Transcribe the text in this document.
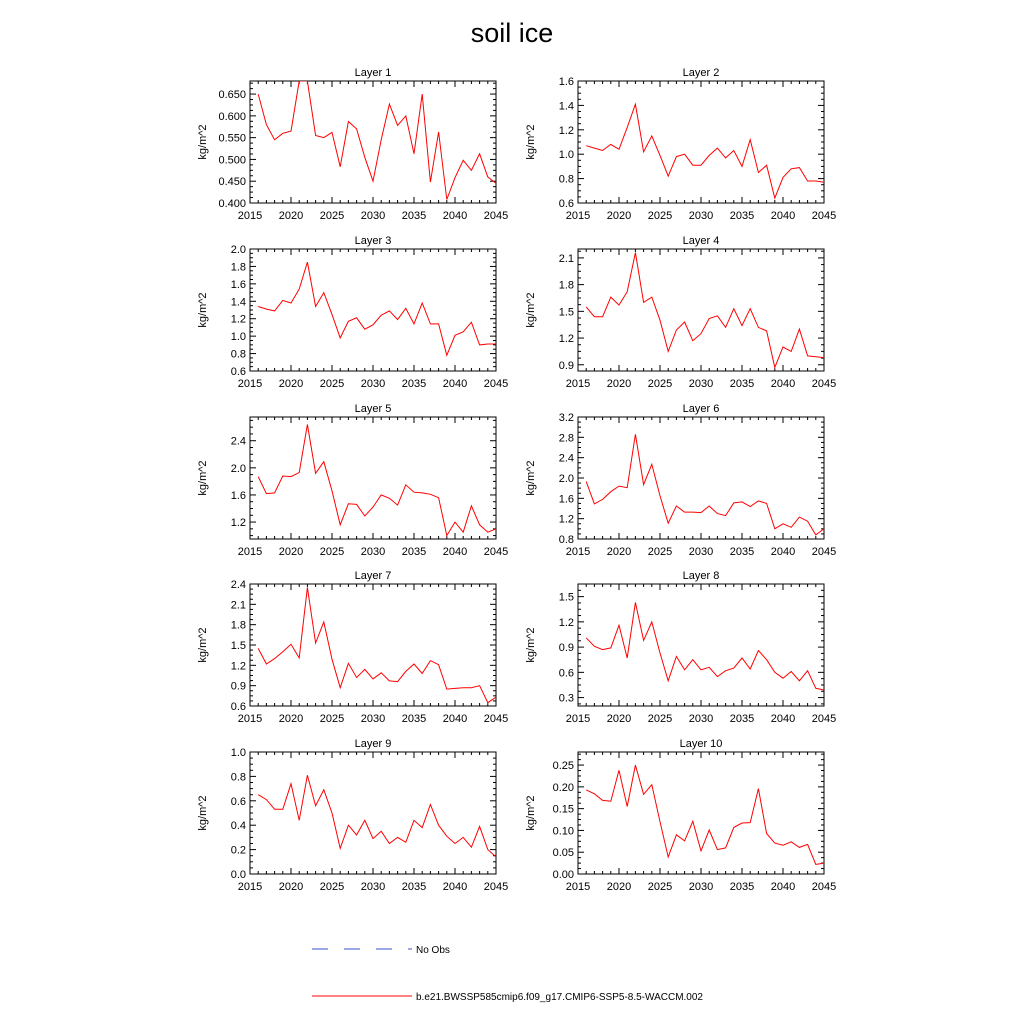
soil ice
Layer 1
kg/m^2
2015 2020 2025 2030 2035 2040 2045
0.400
0.450
0.500
0.550
0.600
0.650
Layer 2
kg/m^2
2015 2020 2025 2030 2035 2040 2045
0.6
0.8
1.0
1.2
1.4
1.6
Layer 3
kg/m^2
2015 2020 2025 2030 2035 2040 2045
0.6
0.8
1.0
1.2
1.4
1.6
1.8
2.0
Layer 4
kg/m^2
2015 2020 2025 2030 2035 2040 2045
0.9
1.2
1.5
1.8
2.1
Layer 5
kg/m^2
2015 2020 2025 2030 2035 2040 2045
1.2
1.6
2.0
2.4
Layer 6
kg/m^2
2015 2020 2025 2030 2035 2040 2045
0.8
1.2
1.6
2.0
2.4
2.8
3.2
Layer 7
kg/m^2
2015 2020 2025 2030 2035 2040 2045
0.6
0.9
1.2
1.5
1.8
2.1
2.4
Layer 8
kg/m^2
2015 2020 2025 2030 2035 2040 2045
0.3
0.6
0.9
1.2
1.5
Layer 9
kg/m^2
2015 2020 2025 2030 2035 2040 2045
0.0
0.2
0.4
0.6
0.8
1.0
Layer 10
kg/m^2
2015 2020 2025 2030 2035 2040 2045
0.00
0.05
0.10
0.15
0.20
0.25
No Obs
b.e21.BWSSP585cmip6.f09_g17.CMIP6-SSP5-8.5-WACCM.002
